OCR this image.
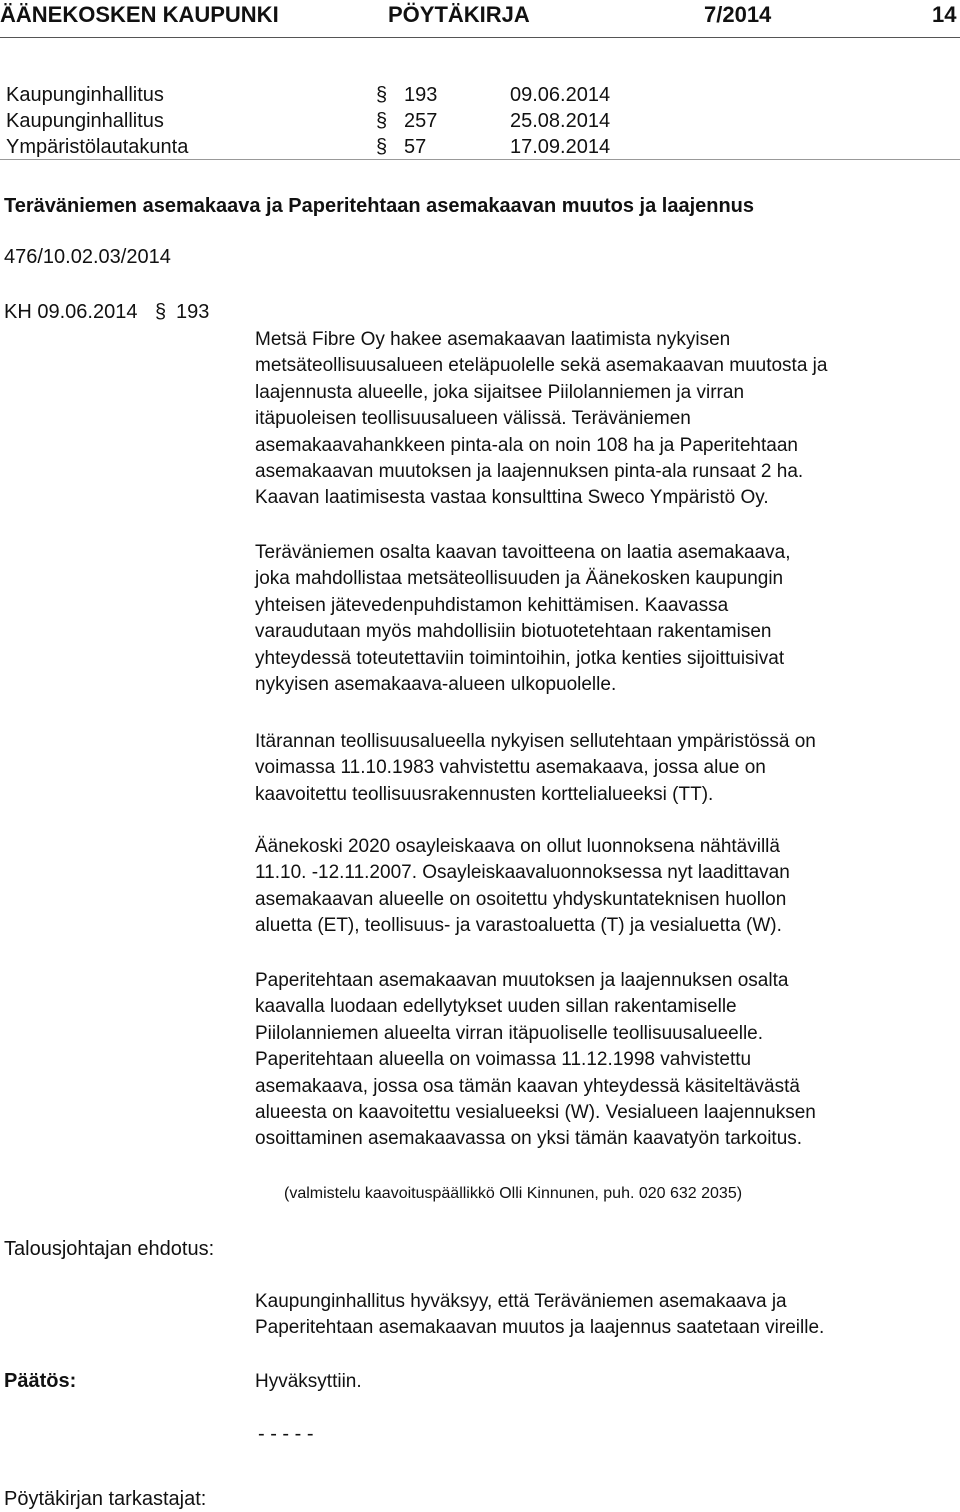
ÄÄNEKOSKEN KAUPUNKI	PÖYTÄKIRJA	7/2014	14
Kaupunginhallitus	§ 193	09.06.2014
Kaupunginhallitus	§ 257	25.08.2014
Ympäristölautakunta	§ 57	17.09.2014
Teräväniemen asemakaava ja Paperitehtaan asemakaavan muutos ja laajennus
476/10.02.03/2014
KH 09.06.2014 § 193
Metsä Fibre Oy hakee asemakaavan laatimista nykyisen
metsäteollisuusalueen eteläpuolelle sekä asemakaavan muutosta ja
laajennusta alueelle, joka sijaitsee Piilolanniemen ja virran
itäpuoleisen teollisuusalueen välissä. Teräväniemen
asemakaavahankkeen pinta-ala on noin 108 ha ja Paperitehtaan
asemakaavan muutoksen ja laajennuksen pinta-ala runsaat 2 ha.
Kaavan laatimisesta vastaa konsulttina Sweco Ympäristö Oy.
Teräväniemen osalta kaavan tavoitteena on laatia asemakaava,
joka mahdollistaa metsäteollisuuden ja Äänekosken kaupungin
yhteisen jätevedenpuhdistamon kehittämisen. Kaavassa
varaudutaan myös mahdollisiin biotuotetehtaan rakentamisen
yhteydessä toteutettaviin toimintoihin, jotka kenties sijoittuisivat
nykyisen asemakaava-alueen ulkopuolelle.
Itärannan teollisuusalueella nykyisen sellutehtaan ympäristössä on
voimassa 11.10.1983 vahvistettu asemakaava, jossa alue on
kaavoitettu teollisuusrakennusten korttelialueeksi (TT).
Äänekoski 2020 osayleiskaava on ollut luonnoksena nähtävillä
11.10. -12.11.2007. Osayleiskaavaluonnoksessa nyt laadittavan
asemakaavan alueelle on osoitettu yhdyskuntateknisen huollon
aluetta (ET), teollisuus- ja varastoaluetta (T) ja vesialuetta (W).
Paperitehtaan asemakaavan muutoksen ja laajennuksen osalta
kaavalla luodaan edellytykset uuden sillan rakentamiselle
Piilolanniemen alueelta virran itäpuoliselle teollisuusalueelle.
Paperitehtaan alueella on voimassa 11.12.1998 vahvistettu
asemakaava, jossa osa tämän kaavan yhteydessä käsiteltävästä
alueesta on kaavoitettu vesialueeksi (W). Vesialueen laajennuksen
osoittaminen asemakaavassa on yksi tämän kaavatyön tarkoitus.
(valmistelu kaavoituspäällikkö Olli Kinnunen, puh. 020 632 2035)
Talousjohtajan ehdotus:
Kaupunginhallitus hyväksyy, että Teräväniemen asemakaava ja
Paperitehtaan asemakaavan muutos ja laajennus saatetaan vireille.
Päätös:	Hyväksyttiin.
- - - - -
Pöytäkirjan tarkastajat:
